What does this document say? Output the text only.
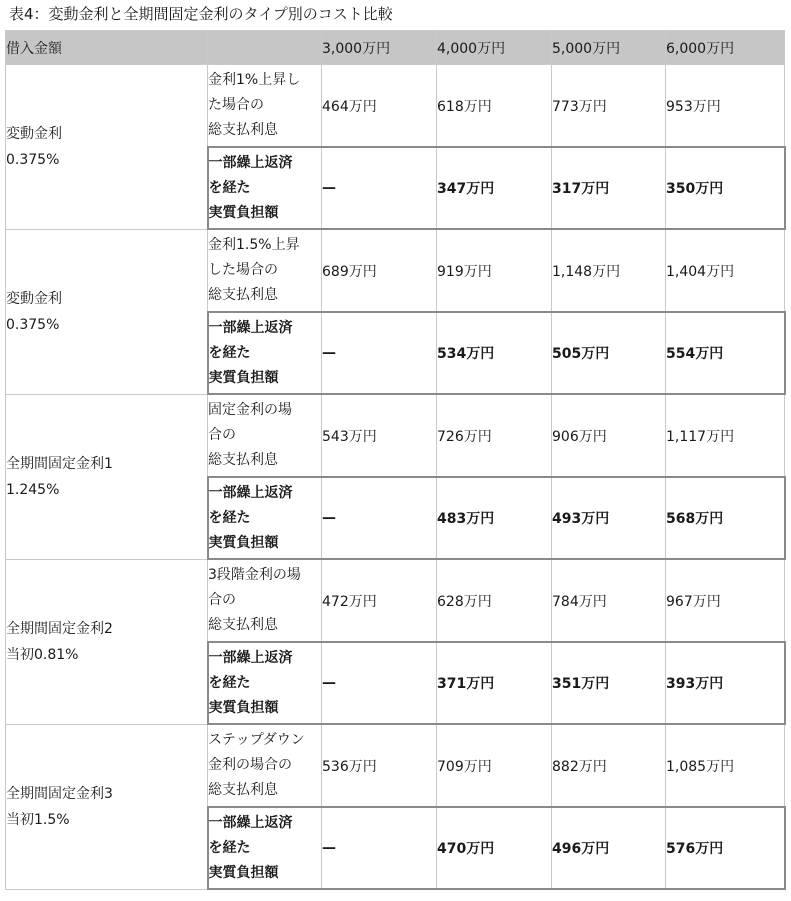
表4：変動金利と全期間固定金利のタイプ別のコスト比較
借入金額		3,000万円	4,000万円	5,000万円	6,000万円

変動金利
0.375%	金利1%上昇し
た場合の
総支払利息	464万円	618万円	773万円	953万円

	一部繰上返済
を経た
実質負担額	—	347万円	317万円	350万円

変動金利
0.375%	金利1.5%上昇
した場合の
総支払利息	689万円	919万円	1,148万円	1,404万円

	一部繰上返済
を経た
実質負担額	—	534万円	505万円	554万円

全期間固定金利1
1.245%	固定金利の場
合の
総支払利息	543万円	726万円	906万円	1,117万円

	一部繰上返済
を経た
実質負担額	—	483万円	493万円	568万円

全期間固定金利2
当初0.81%	3段階金利の場
合の
総支払利息	472万円	628万円	784万円	967万円

	一部繰上返済
を経た
実質負担額	—	371万円	351万円	393万円

全期間固定金利3
当初1.5%	ステップダウン
金利の場合の
総支払利息	536万円	709万円	882万円	1,085万円

	一部繰上返済
を経た
実質負担額	—	470万円	496万円	576万円
